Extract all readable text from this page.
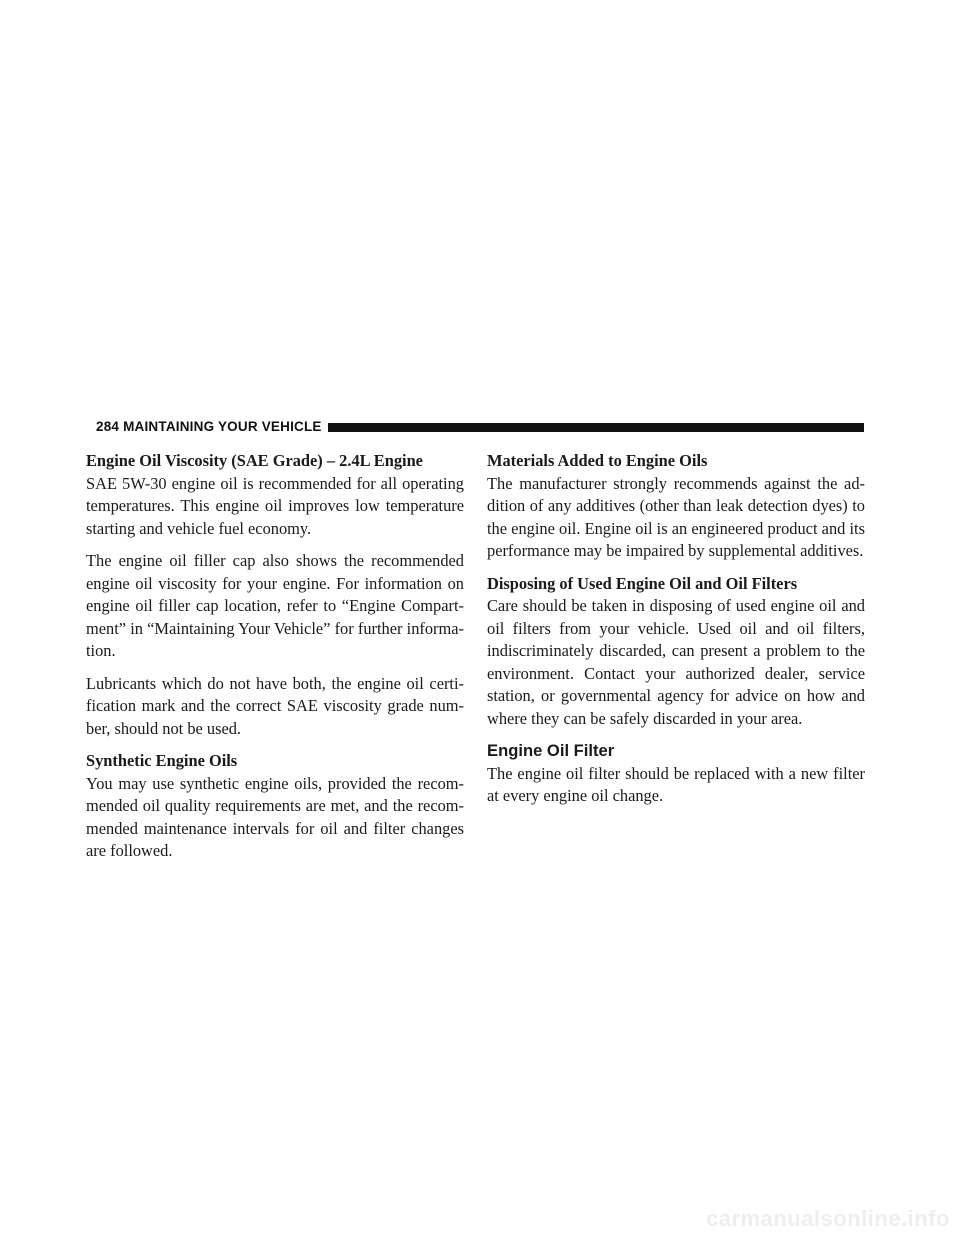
284 MAINTAINING YOUR VEHICLE
Engine Oil Viscosity (SAE Grade) – 2.4L Engine

SAE 5W-30 engine oil is recommended for all operating temperatures. This engine oil improves low temperature starting and vehicle fuel economy.

The engine oil filler cap also shows the recommended engine oil viscosity for your engine. For information on engine oil filler cap location, refer to “Engine Compart-ment” in “Maintaining Your Vehicle” for further informa-tion.

Lubricants which do not have both, the engine oil certi-fication mark and the correct SAE viscosity grade num-ber, should not be used.

Synthetic Engine Oils

You may use synthetic engine oils, provided the recom-mended oil quality requirements are met, and the recom-mended maintenance intervals for oil and filter changes are followed.

Materials Added to Engine Oils

The manufacturer strongly recommends against the ad-dition of any additives (other than leak detection dyes) to the engine oil. Engine oil is an engineered product and its performance may be impaired by supplemental additives.

Disposing of Used Engine Oil and Oil Filters

Care should be taken in disposing of used engine oil and oil filters from your vehicle. Used oil and oil filters, indiscriminately discarded, can present a problem to the environment. Contact your authorized dealer, service station, or governmental agency for advice on how and where they can be safely discarded in your area.

Engine Oil Filter

The engine oil filter should be replaced with a new filter at every engine oil change.

carmanualsonline.info
